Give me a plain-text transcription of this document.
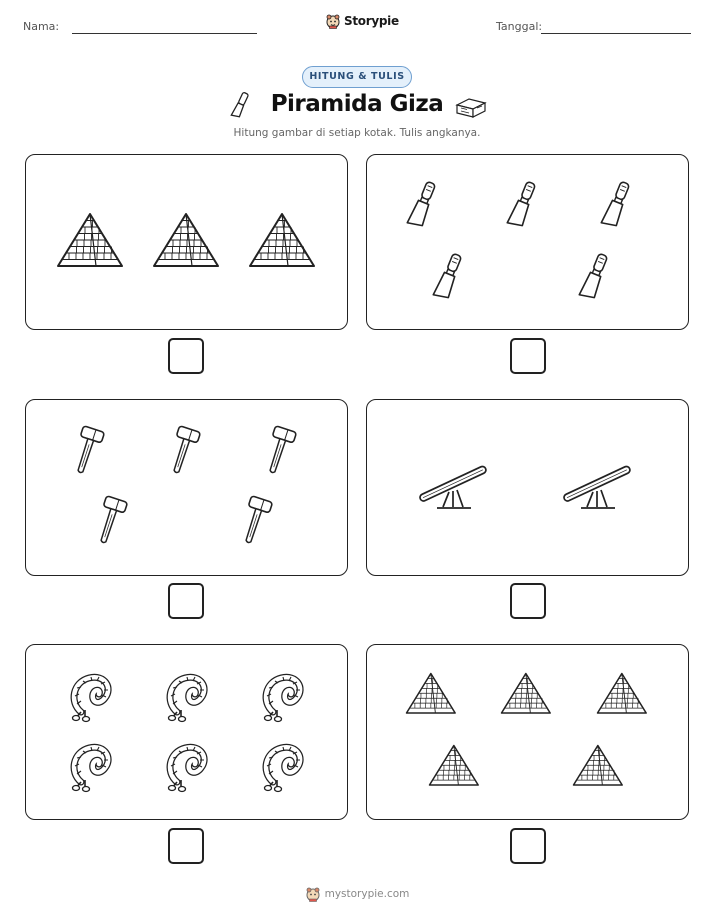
Nama:	Storypie	Tanggal:
HITUNG & TULIS
Piramida Giza
Hitung gambar di setiap kotak. Tulis angkanya.
mystorypie.com
